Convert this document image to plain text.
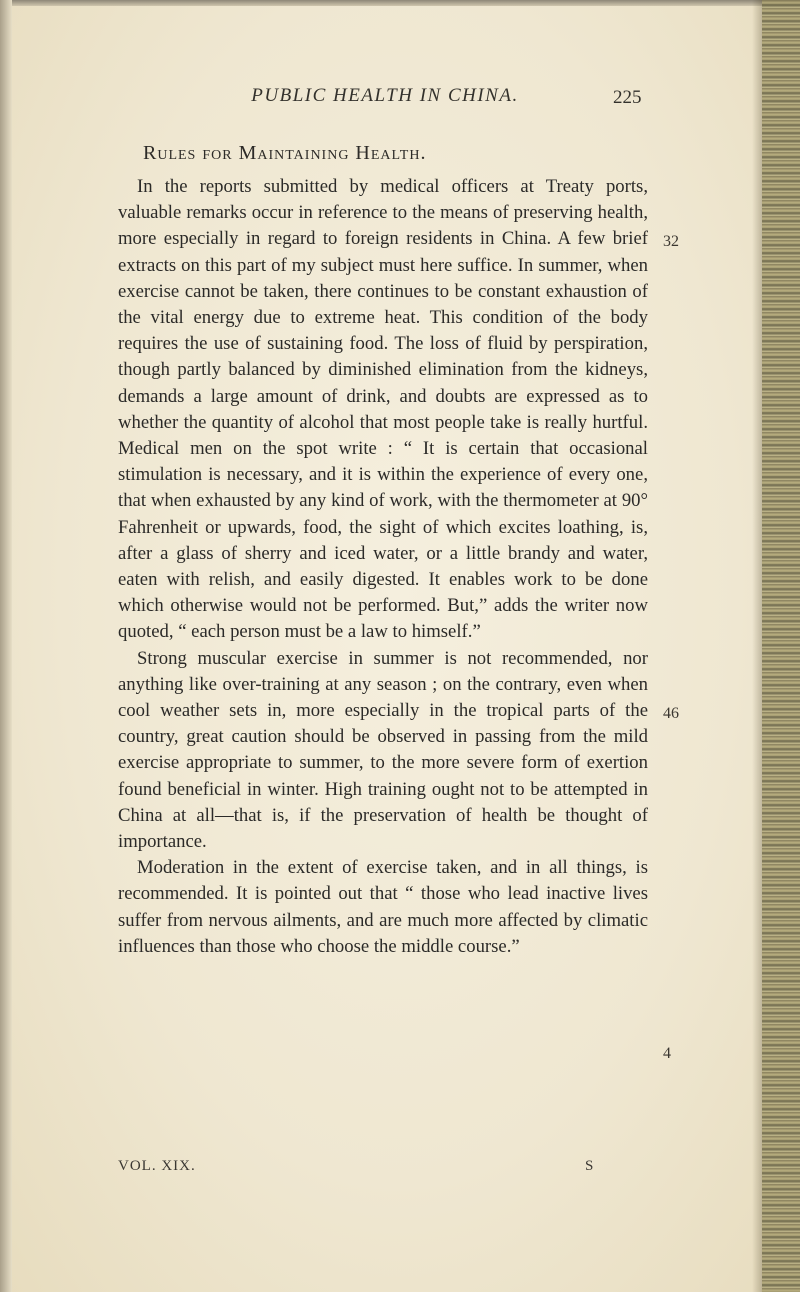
PUBLIC HEALTH IN CHINA.	225
Rules for Maintaining Health.

In the reports submitted by medical officers at Treaty ports, valuable remarks occur in reference to the means of preserving health, more especially in regard to foreign residents in China. A few brief extracts on this part of my subject must here suffice. In summer, when exercise cannot be taken, there continues to be constant exhaustion of the vital energy due to extreme heat. This condition of the body requires the use of sustaining food. The loss of fluid by perspiration, though partly balanced by diminished elimination from the kidneys, demands a large amount of drink, and doubts are expressed as to whether the quantity of alcohol that most people take is really hurtful. Medical men on the spot write : “ It is certain that occasional stimulation is necessary, and it is within the experience of every one, that when exhausted by any kind of work, with the thermometer at 90° Fahrenheit or upwards, food, the sight of which excites loathing, is, after a glass of sherry and iced water, or a little brandy and water, eaten with relish, and easily digested. It enables work to be done which otherwise would not be performed. But,” adds the writer now quoted, “ each person must be a law to himself.”

Strong muscular exercise in summer is not recommended, nor anything like over-training at any season ; on the contrary, even when cool weather sets in, more especially in the tropical parts of the country, great caution should be observed in passing from the mild exercise appropriate to summer, to the more severe form of exertion found beneficial in winter. High training ought not to be attempted in China at all—that is, if the preservation of health be thought of importance.

Moderation in the extent of exercise taken, and in all things, is recommended. It is pointed out that “ those who lead inactive lives suffer from nervous ailments, and are much more affected by climatic influences than those who choose the middle course.”

32
46
4
VOL. XIX.	S
